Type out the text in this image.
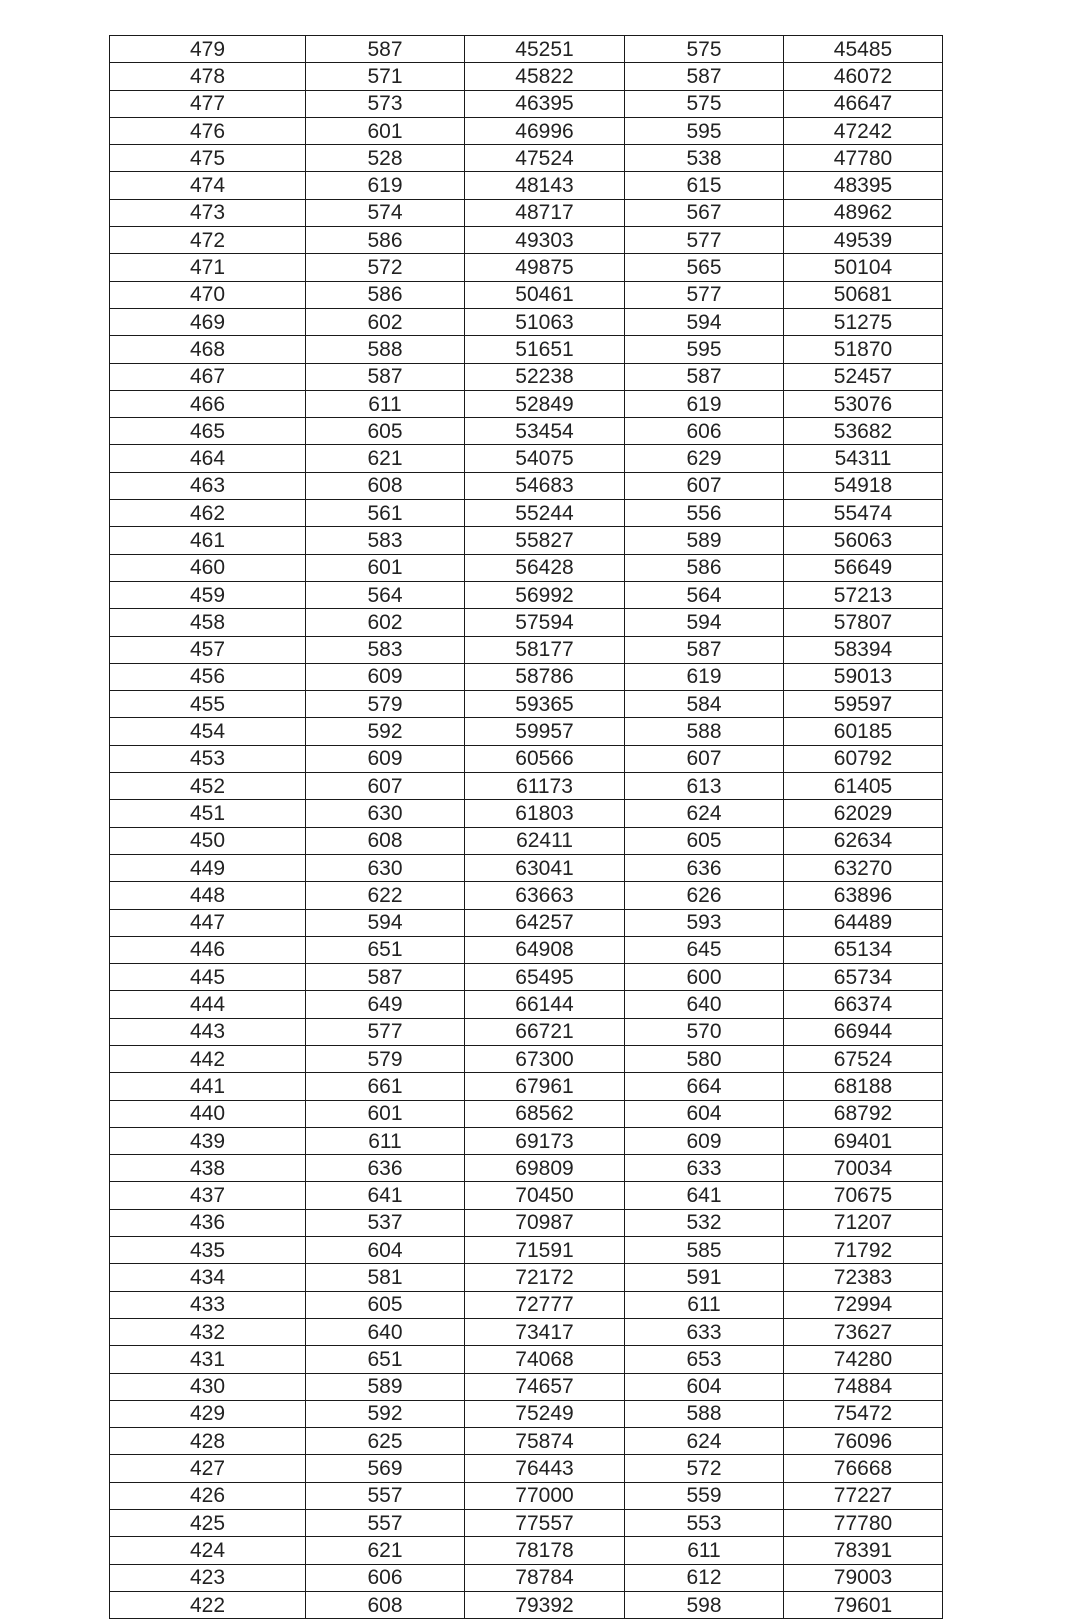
479	587	45251	575	45485
478	571	45822	587	46072
477	573	46395	575	46647
476	601	46996	595	47242
475	528	47524	538	47780
474	619	48143	615	48395
473	574	48717	567	48962
472	586	49303	577	49539
471	572	49875	565	50104
470	586	50461	577	50681
469	602	51063	594	51275
468	588	51651	595	51870
467	587	52238	587	52457
466	611	52849	619	53076
465	605	53454	606	53682
464	621	54075	629	54311
463	608	54683	607	54918
462	561	55244	556	55474
461	583	55827	589	56063
460	601	56428	586	56649
459	564	56992	564	57213
458	602	57594	594	57807
457	583	58177	587	58394
456	609	58786	619	59013
455	579	59365	584	59597
454	592	59957	588	60185
453	609	60566	607	60792
452	607	61173	613	61405
451	630	61803	624	62029
450	608	62411	605	62634
449	630	63041	636	63270
448	622	63663	626	63896
447	594	64257	593	64489
446	651	64908	645	65134
445	587	65495	600	65734
444	649	66144	640	66374
443	577	66721	570	66944
442	579	67300	580	67524
441	661	67961	664	68188
440	601	68562	604	68792
439	611	69173	609	69401
438	636	69809	633	70034
437	641	70450	641	70675
436	537	70987	532	71207
435	604	71591	585	71792
434	581	72172	591	72383
433	605	72777	611	72994
432	640	73417	633	73627
431	651	74068	653	74280
430	589	74657	604	74884
429	592	75249	588	75472
428	625	75874	624	76096
427	569	76443	572	76668
426	557	77000	559	77227
425	557	77557	553	77780
424	621	78178	611	78391
423	606	78784	612	79003
422	608	79392	598	79601
